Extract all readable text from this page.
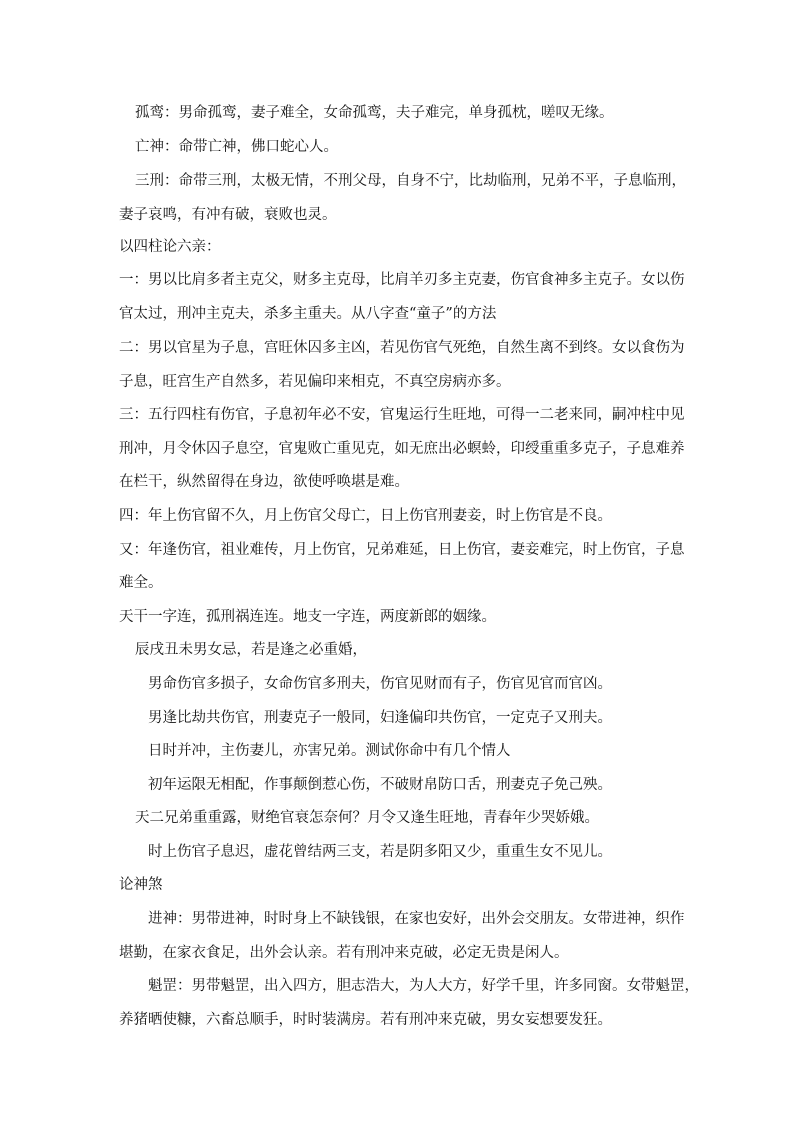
孤鸾：男命孤鸾，妻子难全，女命孤鸾，夫子难完，单身孤枕，嗟叹无缘。
亡神：命带亡神，佛口蛇心人。
三刑：命带三刑，太极无情，不刑父母，自身不宁，比劫临刑，兄弟不平，子息临刑，
妻子哀鸣，有冲有破，衰败也灵。
以四柱论六亲：
一：男以比肩多者主克父，财多主克母，比肩羊刃多主克妻，伤官食神多主克子。女以伤
官太过，刑冲主克夫，杀多主重夫。从八字查“童子”的方法
二：男以官星为子息，宫旺休囚多主凶，若见伤官气死绝，自然生离不到终。女以食伤为
子息，旺宫生产自然多，若见偏印来相克，不真空房病亦多。
三：五行四柱有伤官，子息初年必不安，官鬼运行生旺地，可得一二老来同，嗣冲柱中见
刑冲，月令休囚子息空，官鬼败亡重见克，如无庶出必螟蛉，印绶重重多克子，子息难养
在栏干，纵然留得在身边，欲使呼唤堪是难。
四：年上伤官留不久，月上伤官父母亡，日上伤官刑妻妾，时上伤官是不良。
又：年逢伤官，祖业难传，月上伤官，兄弟难延，日上伤官，妻妾难完，时上伤官，子息
难全。
天干一字连，孤刑祸连连。地支一字连，两度新郎的姻缘。
辰戌丑未男女忌，若是逢之必重婚，
男命伤官多损子，女命伤官多刑夫，伤官见财而有子，伤官见官而官凶。
男逢比劫共伤官，刑妻克子一般同，妇逢偏印共伤官，一定克子又刑夫。
日时并冲，主伤妻儿，亦害兄弟。测试你命中有几个情人
初年运限无相配，作事颠倒惹心伤，不破财帛防口舌，刑妻克子免己殃。
天二兄弟重重露，财绝官衰怎奈何？月令又逢生旺地，青春年少哭娇娥。
时上伤官子息迟，虚花曾结两三支，若是阴多阳又少，重重生女不见儿。
论神煞
进神：男带进神，时时身上不缺钱银，在家也安好，出外会交朋友。女带进神，织作
堪勤，在家衣食足，出外会认亲。若有刑冲来克破，必定无贵是闲人。
魁罡：男带魁罡，出入四方，胆志浩大，为人大方，好学千里，许多同窗。女带魁罡，
养猪晒使糠，六畜总顺手，时时装满房。若有刑冲来克破，男女妄想要发狂。
